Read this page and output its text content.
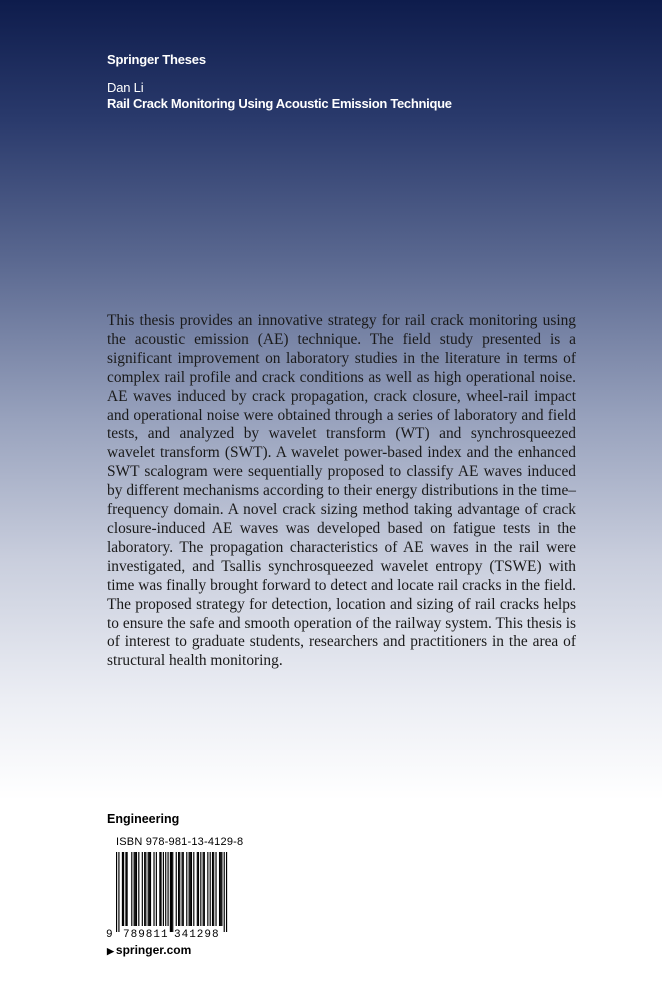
Springer Theses
Dan Li
Rail Crack Monitoring Using Acoustic Emission Technique

This thesis provides an innovative strategy for rail crack monitoring using the acoustic emission (AE) technique. The field study presented is a significant improvement on laboratory studies in the literature in terms of complex rail profile and crack conditions as well as high operational noise. AE waves induced by crack propagation, crack closure, wheel-rail impact and operational noise were obtained through a series of laboratory and field tests, and analyzed by wavelet transform (WT) and synchrosqueezed wavelet transform (SWT). A wavelet power-based index and the enhanced SWT scalogram were sequentially proposed to classify AE waves induced by different mechanisms according to their energy distributions in the time–frequency domain. A novel crack sizing method taking advantage of crack closure-induced AE waves was developed based on fatigue tests in the laboratory. The propagation characteristics of AE waves in the rail were investigated, and Tsallis synchrosqueezed wavelet entropy (TSWE) with time was finally brought forward to detect and locate rail cracks in the field. The proposed strategy for detection, location and sizing of rail cracks helps to ensure the safe and smooth operation of the railway system. This thesis is of interest to graduate students, researchers and practitioners in the area of structural health monitoring.

Engineering
ISBN 978-981-13-4129-8
9 789811 341298
▶ springer.com
